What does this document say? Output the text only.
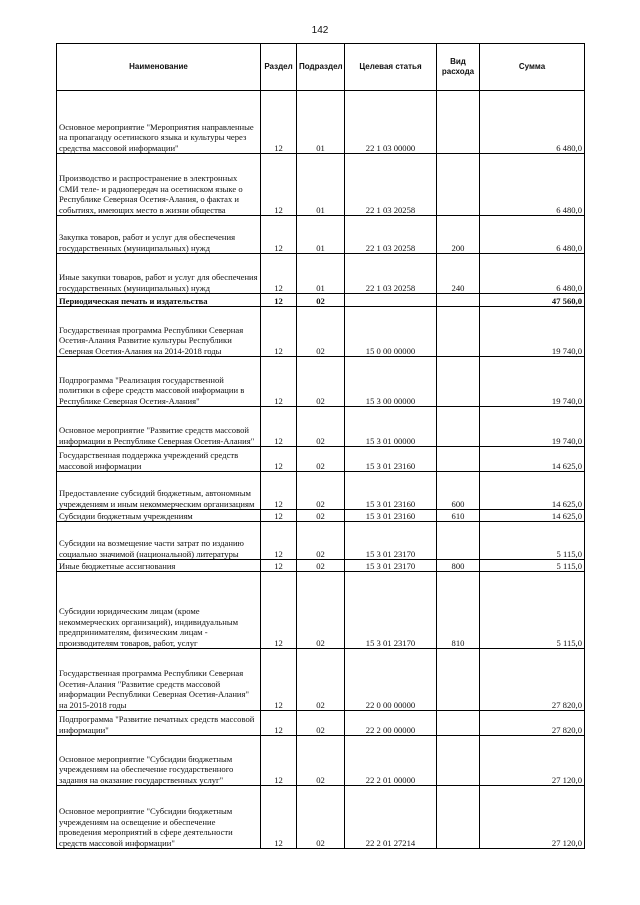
142
Наименование	Раздел	Подраздел	Целевая статья	Вид расхода	Сумма
Основное мероприятие "Мероприятия направленные на пропаганду осетинского языка и культуры через средства массовой информации"	12	01	22 1 03 00000		6 480,0
Производство и распространение в электронных СМИ теле- и радиопередач на осетинском языке о Республике Северная Осетия-Алания, о фактах и событиях, имеющих место в жизни общества	12	01	22 1 03 20258		6 480,0
Закупка товаров, работ и услуг для обеспечения государственных (муниципальных) нужд	12	01	22 1 03 20258	200	6 480,0
Иные закупки товаров, работ и услуг для обеспечения государственных (муниципальных) нужд	12	01	22 1 03 20258	240	6 480,0
Периодическая печать и издательства	12	02			47 560,0
Государственная программа Республики Северная Осетия-Алания Развитие культуры Республики Северная Осетия-Алания на 2014-2018 годы	12	02	15 0 00 00000		19 740,0
Подпрограмма "Реализация государственной политики в сфере средств массовой информации в Республике Северная Осетия-Алания"	12	02	15 3 00 00000		19 740,0
Основное мероприятие "Развитие средств массовой информации в Республике Северная Осетия-Алания"	12	02	15 3 01 00000		19 740,0
Государственная поддержка учреждений средств массовой информации	12	02	15 3 01 23160		14 625,0
Предоставление субсидий бюджетным, автономным учреждениям и иным некоммерческим организациям	12	02	15 3 01 23160	600	14 625,0
Субсидии бюджетным учреждениям	12	02	15 3 01 23160	610	14 625,0
Субсидии на возмещение части затрат по изданию социально значимой (национальной) литературы	12	02	15 3 01 23170		5 115,0
Иные бюджетные ассигнования	12	02	15 3 01 23170	800	5 115,0
Субсидии юридическим лицам (кроме некоммерческих организаций), индивидуальным предпринимателям, физическим лицам - производителям товаров, работ, услуг	12	02	15 3 01 23170	810	5 115,0
Государственная программа Республики Северная Осетия-Алания "Развитие средств массовой информации Республики Северная Осетия-Алания" на 2015-2018 годы	12	02	22 0 00 00000		27 820,0
Подпрограмма "Развитие печатных средств массовой информации"	12	02	22 2 00 00000		27 820,0
Основное мероприятие "Субсидии бюджетным учреждениям на обеспечение государственного задания на оказание государственных услуг"	12	02	22 2 01 00000		27 120,0
Основное мероприятие "Субсидии бюджетным учреждениям на освещение и обеспечение проведения мероприятий в сфере деятельности средств массовой информации"	12	02	22 2 01 27214		27 120,0
